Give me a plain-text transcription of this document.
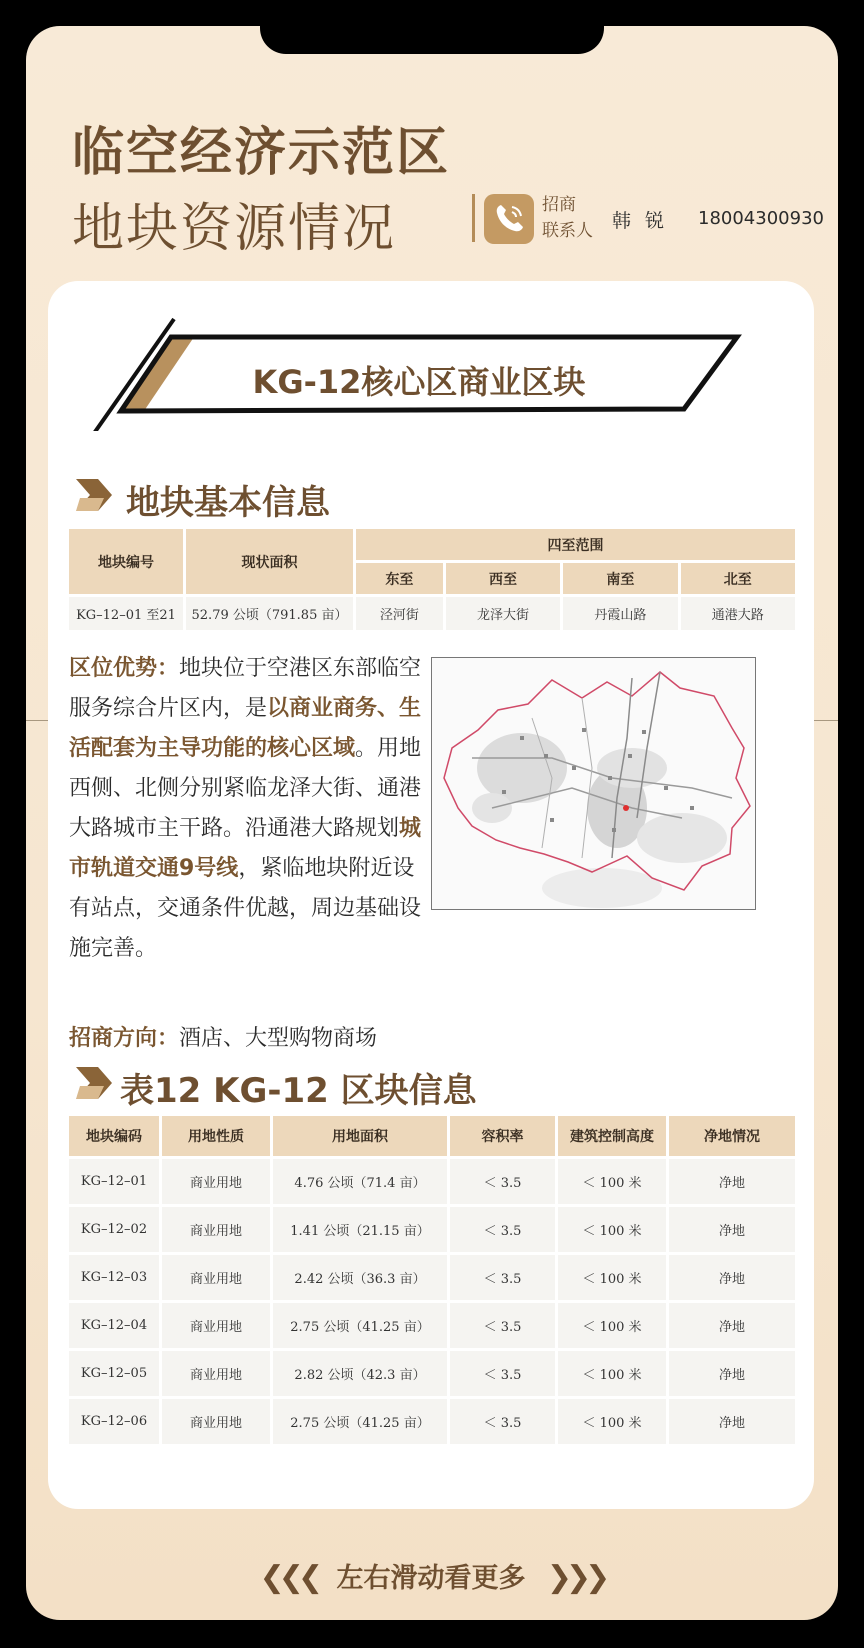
临空经济示范区
地块资源情况	招商
联系人 韩锐 18004300930
KG-12核心区商业区块
地块基本信息
地块编号	现状面积	四至范围			
		东至	西至	南至	北至
KG–12–01 至21	52.79 公顷（791.85 亩）	泾河街	龙泽大街	丹霞山路	通港大路
区位优势：地块位于空港区东部临空服务综合片区内，是以商业商务、生活配套为主导功能的核心区域。用地西侧、北侧分别紧临龙泽大街、通港大路城市主干路。沿通港大路规划城市轨道交通9号线，紧临地块附近设有站点，交通条件优越，周边基础设施完善。
招商方向：酒店、大型购物商场
表12 KG-12 区块信息
地块编码	用地性质	用地面积	容积率	建筑控制高度	净地情况
KG–12–01	商业用地	4.76 公顷（71.4 亩）	＜ 3.5	＜ 100 米	净地
KG–12–02	商业用地	1.41 公顷（21.15 亩）	＜ 3.5	＜ 100 米	净地
KG–12–03	商业用地	2.42 公顷（36.3 亩）	＜ 3.5	＜ 100 米	净地
KG–12–04	商业用地	2.75 公顷（41.25 亩）	＜ 3.5	＜ 100 米	净地
KG–12–05	商业用地	2.82 公顷（42.3 亩）	＜ 3.5	＜ 100 米	净地
KG–12–06	商业用地	2.75 公顷（41.25 亩）	＜ 3.5	＜ 100 米	净地
❮❮❮ 左右滑动看更多 ❯❯❯
